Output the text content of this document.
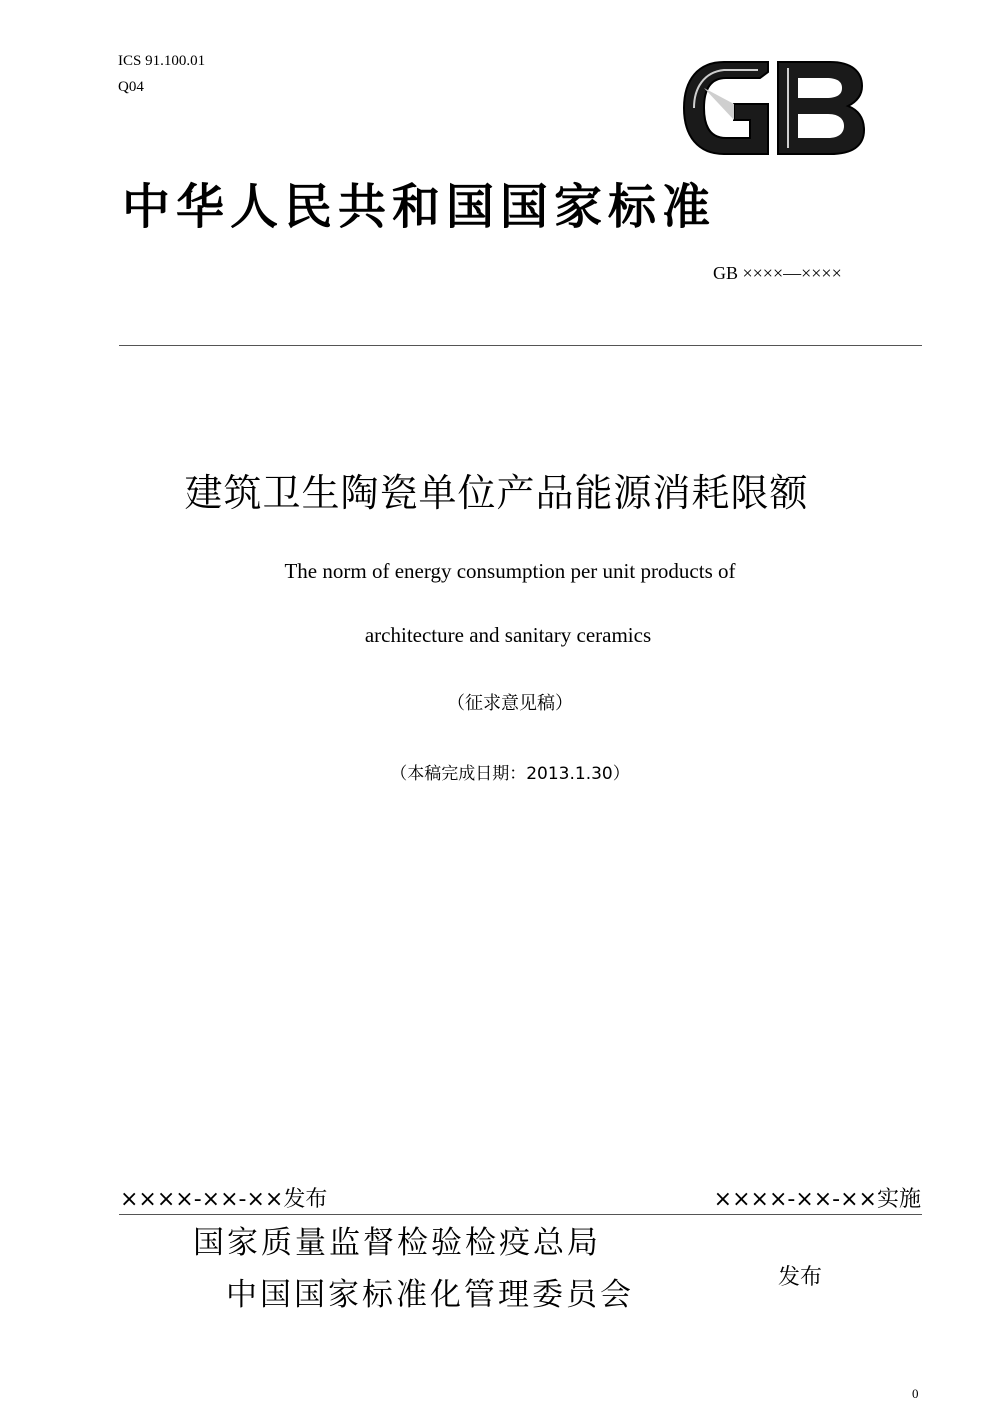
ICS 91.100.01
Q04
中华人民共和国国家标准
GB ××××—××××
建筑卫生陶瓷单位产品能源消耗限额
The norm of energy consumption per unit products of
architecture and sanitary ceramics
（征求意见稿）
（本稿完成日期：2013.1.30）
××××-××-××发布	××××-××-××实施
国家质量监督检验检疫总局
中国国家标准化管理委员会	发布
0
